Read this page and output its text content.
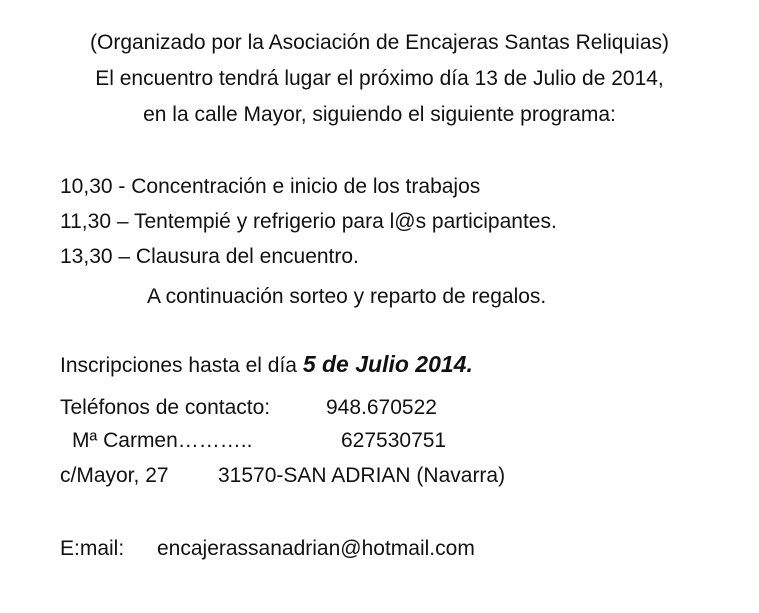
(Organizado por la Asociación de Encajeras Santas Reliquias)
El encuentro tendrá lugar el próximo día 13 de Julio de 2014,
en la calle Mayor, siguiendo el siguiente programa:
10,30 - Concentración e inicio de los trabajos
11,30 – Tentempié y refrigerio para l@s participantes.
13,30 – Clausura del encuentro.
A continuación sorteo y reparto de regalos.
Inscripciones hasta el día 5 de Julio 2014.
Teléfonos de contacto:	948.670522
Mª Carmen………..	627530751
c/Mayor, 27 31570-SAN ADRIAN (Navarra)
E:mail: encajerassanadrian@hotmail.com
